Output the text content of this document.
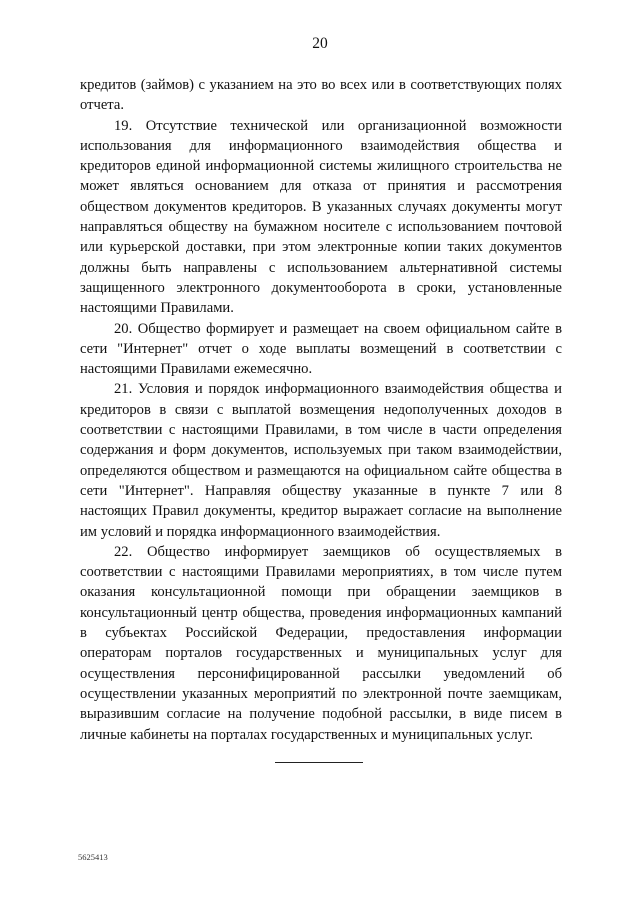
20

кредитов (займов) с указанием на это во всех или в соответствующих полях отчета.

19. Отсутствие технической или организационной возможности использования для информационного взаимодействия общества и кредиторов единой информационной системы жилищного строительства не может являться основанием для отказа от принятия и рассмотрения обществом документов кредиторов. В указанных случаях документы могут направляться обществу на бумажном носителе с использованием почтовой или курьерской доставки, при этом электронные копии таких документов должны быть направлены с использованием альтернативной системы защищенного электронного документооборота в сроки, установленные настоящими Правилами.

20. Общество формирует и размещает на своем официальном сайте в сети "Интернет" отчет о ходе выплаты возмещений в соответствии с настоящими Правилами ежемесячно.

21. Условия и порядок информационного взаимодействия общества и кредиторов в связи с выплатой возмещения недополученных доходов в соответствии с настоящими Правилами, в том числе в части определения содержания и форм документов, используемых при таком взаимодействии, определяются обществом и размещаются на официальном сайте общества в сети "Интернет". Направляя обществу указанные в пункте 7 или 8 настоящих Правил документы, кредитор выражает согласие на выполнение им условий и порядка информационного взаимодействия.

22. Общество информирует заемщиков об осуществляемых в соответствии с настоящими Правилами мероприятиях, в том числе путем оказания консультационной помощи при обращении заемщиков в консультационный центр общества, проведения информационных кампаний в субъектах Российской Федерации, предоставления информации операторам порталов государственных и муниципальных услуг для осуществления персонифицированной рассылки уведомлений об осуществлении указанных мероприятий по электронной почте заемщикам, выразившим согласие на получение подобной рассылки, в виде писем в личные кабинеты на порталах государственных и муниципальных услуг.

5625413
